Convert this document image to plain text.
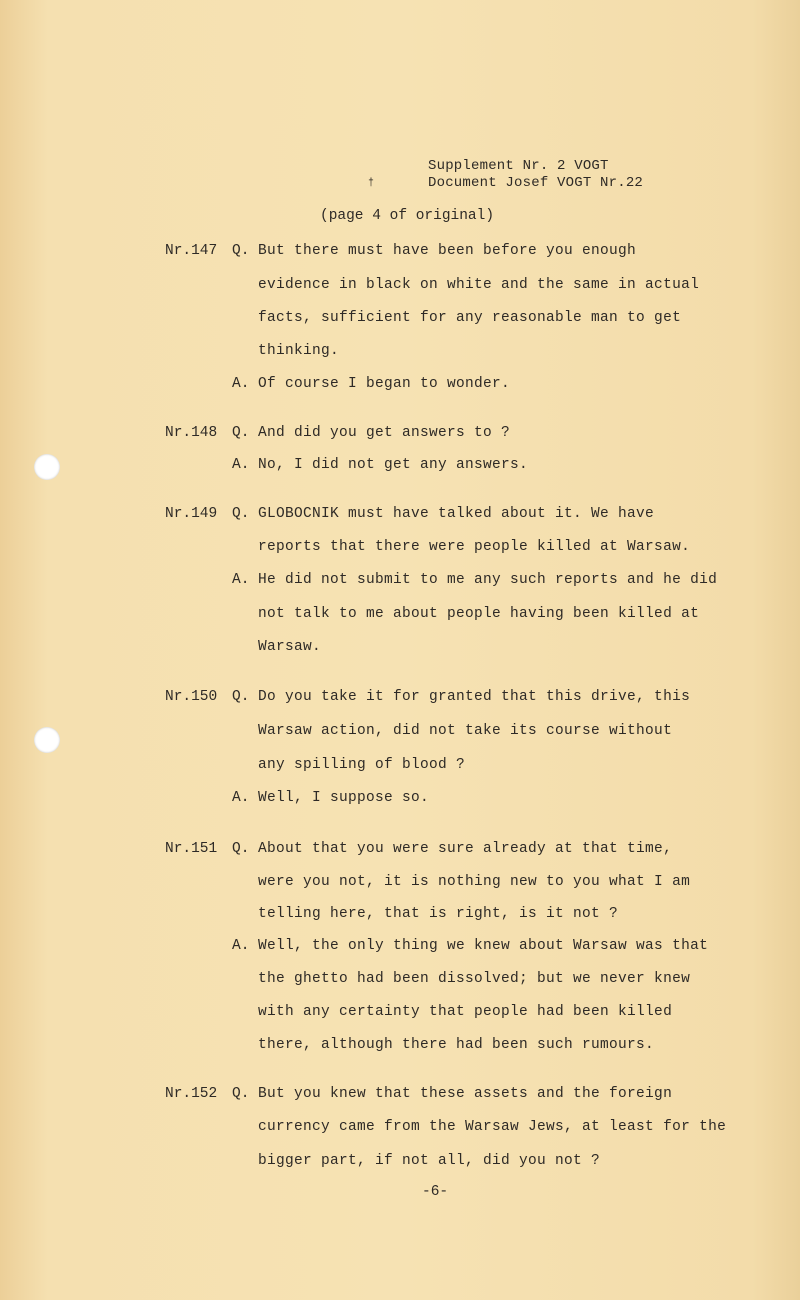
Supplement Nr. 2 VOGT
Document Josef VOGT Nr.22
†
(page 4 of original)
Nr.147 Q. But there must have been before you enough
evidence in black on white and the same in actual
facts, sufficient for any reasonable man to get
thinking.
A. Of course I began to wonder.
Nr.148 Q. And did you get answers to ?
A. No, I did not get any answers.
Nr.149 Q. GLOBOCNIK must have talked about it. We have
reports that there were people killed at Warsaw.
A. He did not submit to me any such reports and he did
not talk to me about people having been killed at
Warsaw.
Nr.150 Q. Do you take it for granted that this drive, this
Warsaw action, did not take its course without
any spilling of blood ?
A. Well, I suppose so.
Nr.151 Q. About that you were sure already at that time,
were you not, it is nothing new to you what I am
telling here, that is right, is it not ?
A. Well, the only thing we knew about Warsaw was that
the ghetto had been dissolved; but we never knew
with any certainty that people had been killed
there, although there had been such rumours.
Nr.152 Q. But you knew that these assets and the foreign
currency came from the Warsaw Jews, at least for the
bigger part, if not all, did you not ?
-6-
